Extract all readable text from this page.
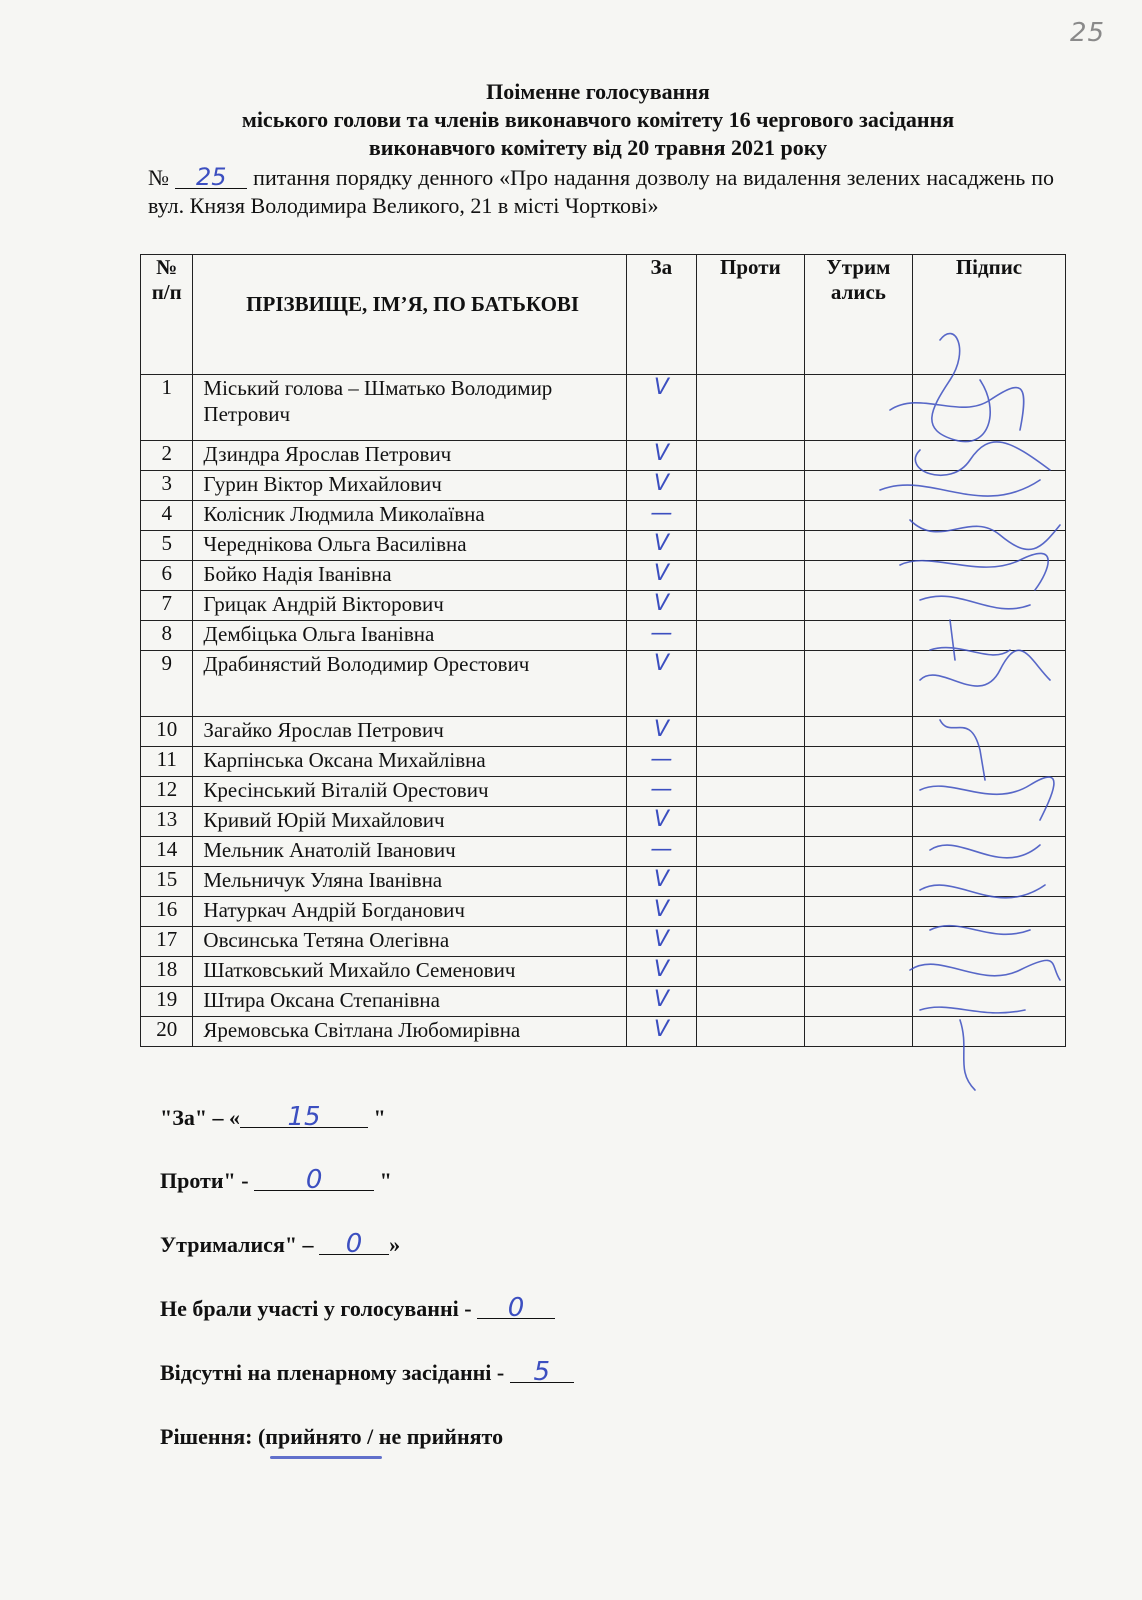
25
Поіменне голосування
міського голови та членів виконавчого комітету 16 чергового засідання
виконавчого комітету від 20 травня 2021 року
№ 25 питання порядку денного «Про надання дозволу на видалення зелених насаджень по вул. Князя Володимира Великого, 21 в місті Чорткові»
№ п/п	ПРІЗВИЩЕ, ІМ’Я, ПО БАТЬКОВІ	За	Проти	Утрим ались	Підпис
1	Міський голова – Шматько Володимир Петрович	V			
2	Дзиндра Ярослав Петрович	V			
3	Гурин Віктор Михайлович	V			
4	Колісник Людмила Миколаївна	—			
5	Череднікова Ольга Василівна	V			
6	Бойко Надія Іванівна	V			
7	Грицак Андрій Вікторович	V			
8	Дембіцька Ольга Іванівна	—			
9	Драбинястий Володимир Орестович	V			
10	Загайко Ярослав Петрович	V			
11	Карпінська Оксана Михайлівна	—			
12	Кресінський Віталій Орестович	—			
13	Кривий Юрій Михайлович	V			
14	Мельник Анатолій Іванович	—			
15	Мельничук Уляна Іванівна	V			
16	Натуркач Андрій Богданович	V			
17	Овсинська Тетяна Олегівна	V			
18	Шатковський Михайло Семенович	V			
19	Штира Оксана Степанівна	V			
20	Яремовська Світлана Любомирівна	V			
"За" – « 15 "
Проти" - 0 "
Утрималися" – 0 »
Не брали участі у голосуванні - 0
Відсутні на пленарному засіданні - 5
Рішення: (прийнято / не прийнято
